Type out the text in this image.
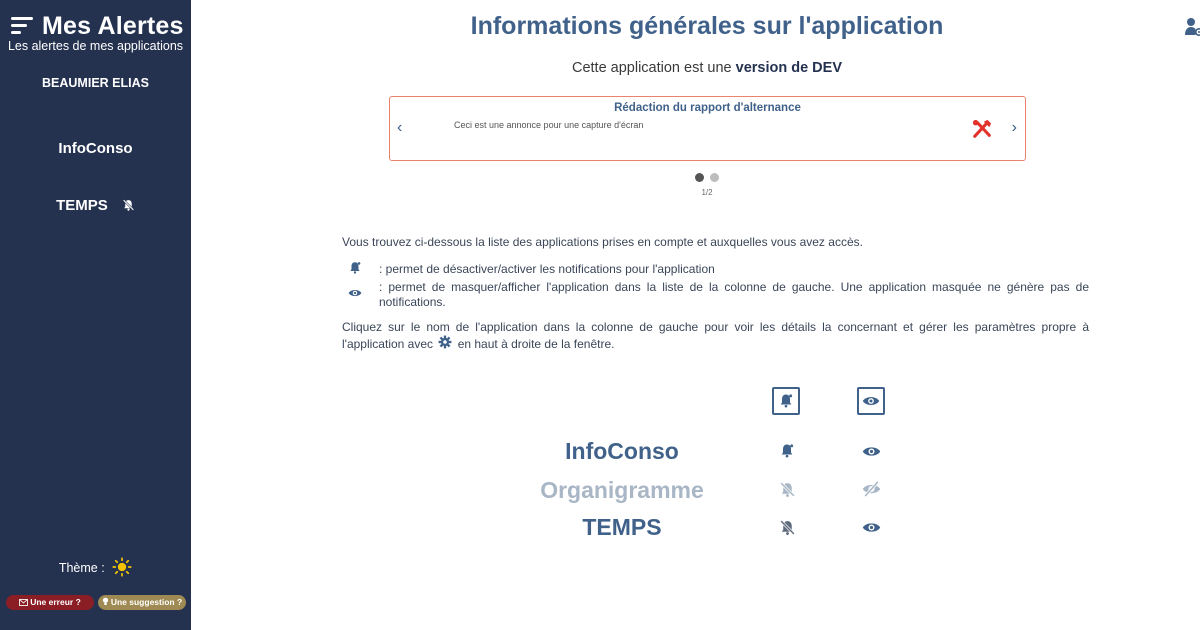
Mes Alertes
Les alertes de mes applications
BEAUMIER ELIAS
InfoConso
TEMPS
Thème :
Une erreur ?	Une suggestion ?
Informations générales sur l'application
Cette application est une version de DEV
Rédaction du rapport d'alternance
Ceci est une annonce pour une capture d'écran
‹	›
1/2
Vous trouvez ci-dessous la liste des applications prises en compte et auxquelles vous avez accès.
: permet de désactiver/activer les notifications pour l'application
: permet de masquer/afficher l'application dans la liste de la colonne de gauche. Une application masquée ne génère pas de notifications.
Cliquez sur le nom de l'application dans la colonne de gauche pour voir les détails la concernant et gérer les paramètres propre à l'application avec en haut à droite de la fenêtre.
InfoConso
Organigramme
TEMPS
